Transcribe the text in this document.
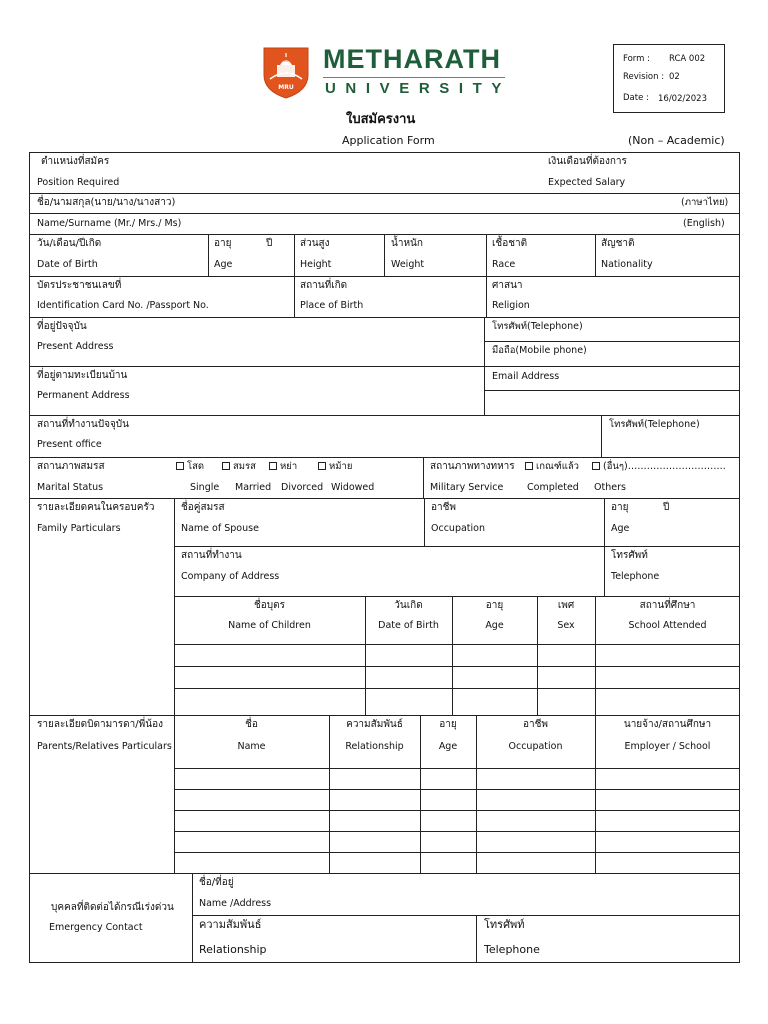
1998
MRU
METHARATH
UNIVERSITY
ใบสมัครงาน
Application Form	(Non – Academic)
Form : RCA 002
Revision : 02
Date : 16/02/2023
ตำแหน่งที่สมัคร
Position Required
เงินเดือนที่ต้องการ
Expected Salary
ชื่อ/นามสกุล(นาย/นาง/นางสาว)	(ภาษาไทย)
Name/Surname (Mr./ Mrs./ Ms)	(English)
วัน/เดือน/ปีเกิด
Date of Birth
อายุ	ปี
Age
ส่วนสูง
Height
น้ำหนัก
Weight
เชื้อชาติ
Race
สัญชาติ
Nationality
บัตรประชาชนเลขที่
Identification Card No. /Passport No.
สถานที่เกิด
Place of Birth
ศาสนา
Religion
ที่อยู่ปัจจุบัน
Present Address
โทรศัพท์(Telephone)
มือถือ(Mobile phone)
ที่อยู่ตามทะเบียนบ้าน
Permanent Address
Email Address
สถานที่ทำงานปัจจุบัน
Present office
โทรศัพท์(Telephone)
สถานภาพสมรส
Marital Status
โสด	สมรส	หย่า	หม้าย
Single Married Divorced Widowed
สถานภาพทางทหาร
Military Service
เกณฑ์แล้ว	(อื่นๆ)………………………….
Completed Others
รายละเอียดคนในครอบครัว
Family Particulars
ชื่อคู่สมรส
Name of Spouse
อาชีพ
Occupation
อายุ	ปี
Age
สถานที่ทำงาน
Company of Address
โทรศัพท์
Telephone
ชื่อบุตร	วันเกิด	อายุ	เพศ	สถานที่ศึกษา
Name of Children	Date of Birth	Age	Sex	School Attended
รายละเอียดบิดามารดา/พี่น้อง
Parents/Relatives Particulars
ชื่อ	ความสัมพันธ์	อายุ	อาชีพ	นายจ้าง/สถานศึกษา
Name	Relationship	Age	Occupation	Employer / School
บุคคลที่ติดต่อได้กรณีเร่งด่วน
Emergency Contact
ชื่อ/ที่อยู่
Name /Address
ความสัมพันธ์
Relationship
โทรศัพท์
Telephone
